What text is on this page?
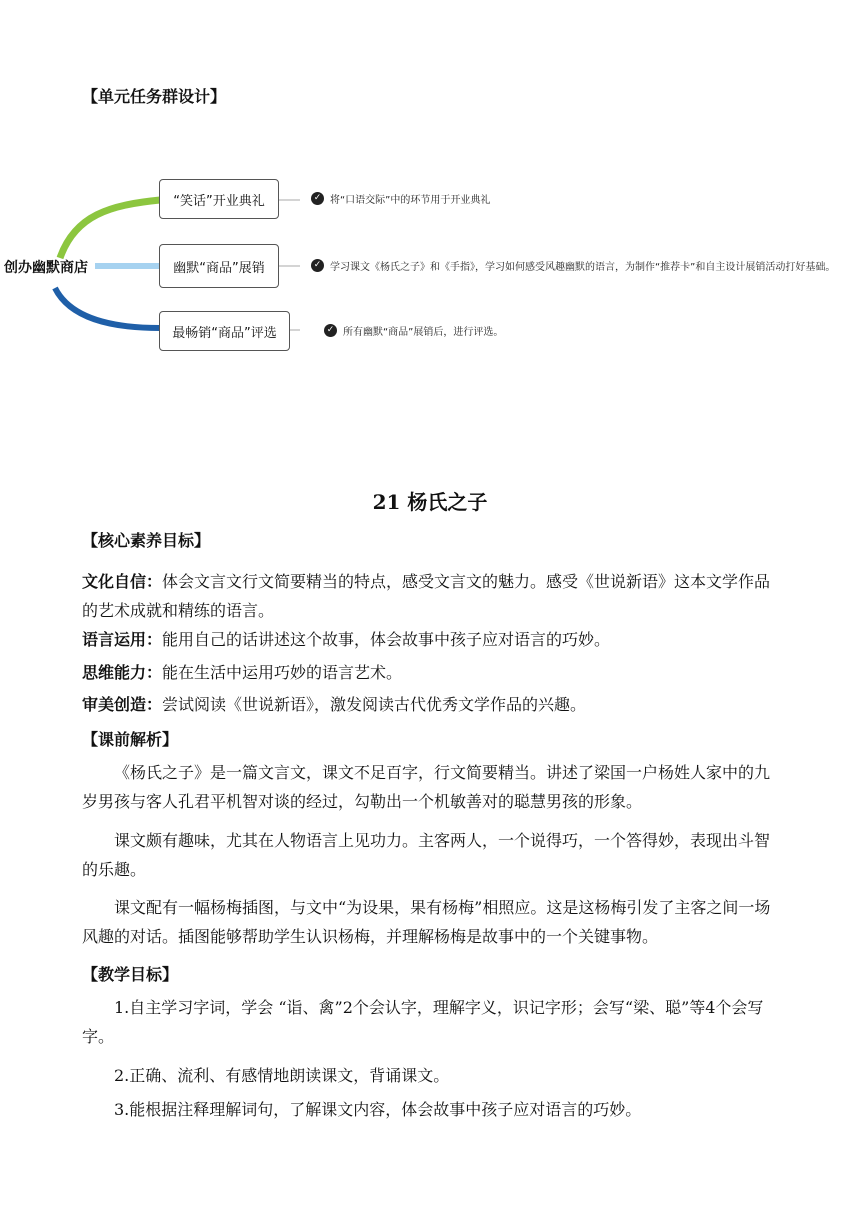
【单元任务群设计】
创办幽默商店
“笑话”开业典礼
幽默“商品”展销
最畅销“商品”评选
✓ 将“口语交际”中的环节用于开业典礼
✓ 学习课文《杨氏之子》和《手指》，学习如何感受风趣幽默的语言，为制作“推荐卡”和自主设计展销活动打好基础。
✓ 所有幽默“商品”展销后，进行评选。
21 杨氏之子
【核心素养目标】

文化自信：体会文言文行文简要精当的特点，感受文言文的魅力。感受《世说新语》这本文学作品的艺术成就和精练的语言。

语言运用：能用自己的话讲述这个故事，体会故事中孩子应对语言的巧妙。

思维能力：能在生活中运用巧妙的语言艺术。

审美创造：尝试阅读《世说新语》，激发阅读古代优秀文学作品的兴趣。

【课前解析】

《杨氏之子》是一篇文言文，课文不足百字，行文简要精当。讲述了梁国一户杨姓人家中的九岁男孩与客人孔君平机智对谈的经过，勾勒出一个机敏善对的聪慧男孩的形象。

课文颇有趣味，尤其在人物语言上见功力。主客两人，一个说得巧，一个答得妙，表现出斗智的乐趣。

课文配有一幅杨梅插图，与文中“为设果，果有杨梅”相照应。这是这杨梅引发了主客之间一场风趣的对话。插图能够帮助学生认识杨梅，并理解杨梅是故事中的一个关键事物。

【教学目标】

1.自主学习字词，学会 “诣、禽”2个会认字，理解字义，识记字形；会写“梁、聪”等4个会写字。

2.正确、流利、有感情地朗读课文，背诵课文。

3.能根据注释理解词句，了解课文内容，体会故事中孩子应对语言的巧妙。
